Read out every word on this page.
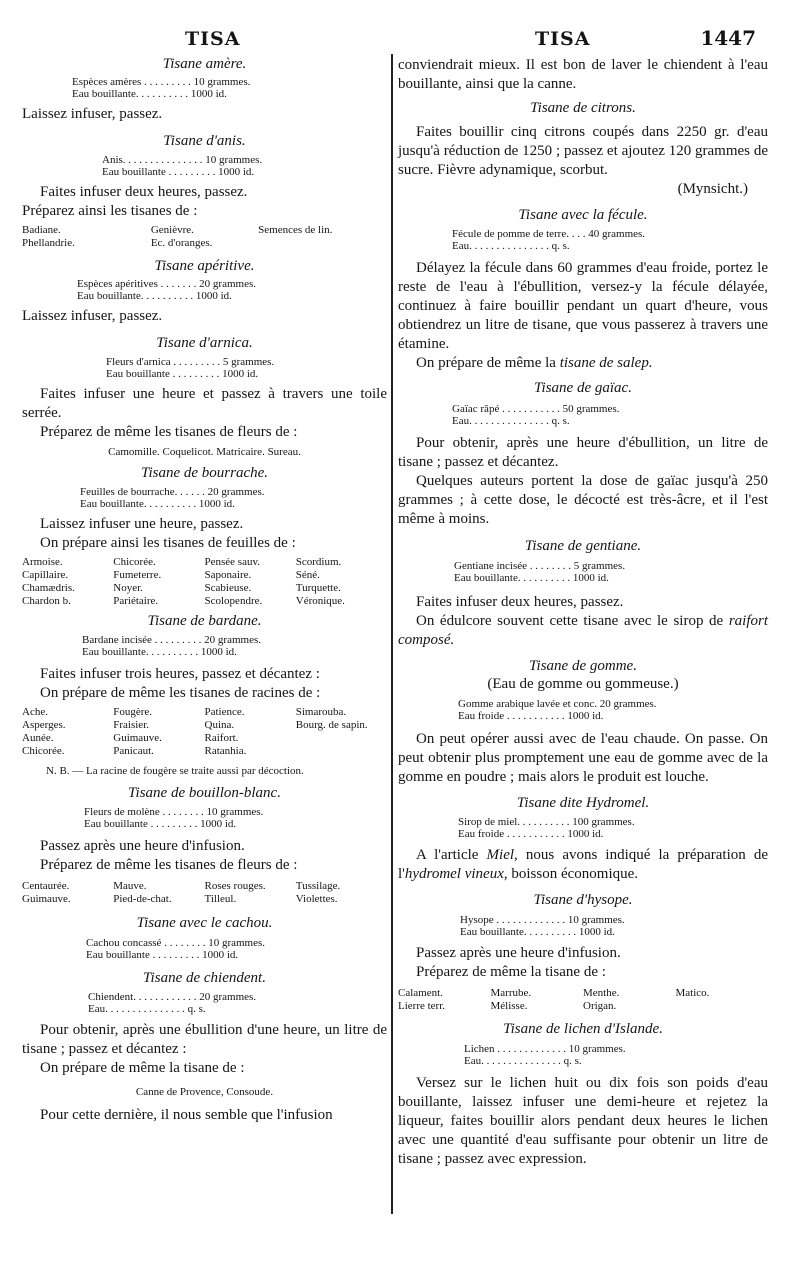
TISA	TISA	1447

Tisane amère.

Espèces amères . . . . . . . . . 10 grammes.
Eau bouillante. . . . . . . . . . 1000 id.

Laissez infuser, passez.

Tisane d'anis.

Anis. . . . . . . . . . . . . . . 10 grammes.
Eau bouillante . . . . . . . . . 1000 id.

Faites infuser deux heures, passez.

Préparez ainsi les tisanes de :

Badiane.	Genièvre.	Semences de lin.
Phellandrie.	Ec. d'oranges.

Tisane apéritive.

Espèces apéritives . . . . . . . 20 grammes.
Eau bouillante. . . . . . . . . . 1000 id.

Laissez infuser, passez.

Tisane d'arnica.

Fleurs d'arnica . . . . . . . . . 5 grammes.
Eau bouillante . . . . . . . . . 1000 id.

Faites infuser une heure et passez à travers une toile serrée.

Préparez de même les tisanes de fleurs de :

Camomille. Coquelicot. Matricaire. Sureau.

Tisane de bourrache.

Feuilles de bourrache. . . . . . 20 grammes.
Eau bouillante. . . . . . . . . . 1000 id.

Laissez infuser une heure, passez.

On prépare ainsi les tisanes de feuilles de :

Armoise.	Chicorée.	Pensée sauv.	Scordium.
Capillaire.	Fumeterre.	Saponaire.	Séné.
Chamædris.	Noyer.	Scabieuse.	Turquette.
Chardon b.	Pariétaire.	Scolopendre.	Véronique.

Tisane de bardane.

Bardane incisée . . . . . . . . . 20 grammes.
Eau bouillante. . . . . . . . . . 1000 id.

Faites infuser trois heures, passez et décantez :

On prépare de même les tisanes de racines de :

Ache.	Fougère.	Patience.	Simarouba.
Asperges.	Fraisier.	Quina.	Bourg. de sapin.
Aunée.	Guimauve.	Raifort.
Chicorée.	Panicaut.	Ratanhia.
N. B. — La racine de fougère se traite aussi par décoction.

Tisane de bouillon-blanc.

Fleurs de molène . . . . . . . . 10 grammes.
Eau bouillante . . . . . . . . . 1000 id.

Passez après une heure d'infusion.

Préparez de même les tisanes de fleurs de :

Centaurée.	Mauve.	Roses rouges.	Tussilage.
Guimauve.	Pied-de-chat.	Tilleul.	Violettes.

Tisane avec le cachou.

Cachou concassé . . . . . . . . 10 grammes.
Eau bouillante . . . . . . . . . 1000 id.

Tisane de chiendent.

Chiendent. . . . . . . . . . . . 20 grammes.
Eau. . . . . . . . . . . . . . . q. s.

Pour obtenir, après une ébullition d'une heure, un litre de tisane ; passez et décantez :

On prépare de même la tisane de :

Canne de Provence, Consoude.

Pour cette dernière, il nous semble que l'infusion

conviendrait mieux. Il est bon de laver le chiendent à l'eau bouillante, ainsi que la canne.

Tisane de citrons.

Faites bouillir cinq citrons coupés dans 2250 gr. d'eau jusqu'à réduction de 1250 ; passez et ajoutez 120 grammes de sucre. Fièvre adynamique, scorbut.

(Mynsicht.)

Tisane avec la fécule.

Fécule de pomme de terre. . . . 40 grammes.
Eau. . . . . . . . . . . . . . . q. s.

Délayez la fécule dans 60 grammes d'eau froide, portez le reste de l'eau à l'ébullition, versez-y la fécule délayée, continuez à faire bouillir pendant un quart d'heure, vous obtiendrez un litre de tisane, que vous passerez à travers une étamine.

On prépare de même la tisane de salep.

Tisane de gaïac.

Gaïac râpé . . . . . . . . . . . 50 grammes.
Eau. . . . . . . . . . . . . . . q. s.

Pour obtenir, après une heure d'ébullition, un litre de tisane ; passez et décantez.

Quelques auteurs portent la dose de gaïac jusqu'à 250 grammes ; à cette dose, le décocté est très-âcre, et il l'est même à moins.

Tisane de gentiane.

Gentiane incisée . . . . . . . . 5 grammes.
Eau bouillante. . . . . . . . . . 1000 id.

Faites infuser deux heures, passez.

On édulcore souvent cette tisane avec le sirop de raifort composé.

Tisane de gomme.

(Eau de gomme ou gommeuse.)

Gomme arabique lavée et conc. 20 grammes.
Eau froide . . . . . . . . . . . 1000 id.

On peut opérer aussi avec de l'eau chaude. On passe. On peut obtenir plus promptement une eau de gomme avec de la gomme en poudre ; mais alors le produit est louche.

Tisane dite Hydromel.

Sirop de miel. . . . . . . . . . 100 grammes.
Eau froide . . . . . . . . . . . 1000 id.

A l'article Miel, nous avons indiqué la préparation de l'hydromel vineux, boisson économique.

Tisane d'hysope.

Hysope . . . . . . . . . . . . . 10 grammes.
Eau bouillante. . . . . . . . . . 1000 id.

Passez après une heure d'infusion.

Préparez de même la tisane de :

Calament.	Marrube.	Menthe.	Matico.
Lierre terr.	Mélisse.	Origan.

Tisane de lichen d'Islande.

Lichen . . . . . . . . . . . . . 10 grammes.
Eau. . . . . . . . . . . . . . . q. s.

Versez sur le lichen huit ou dix fois son poids d'eau bouillante, laissez infuser une demi-heure et rejetez la liqueur, faites bouillir alors pendant deux heures le lichen avec une quantité d'eau suffisante pour obtenir un litre de tisane ; passez avec expression.
